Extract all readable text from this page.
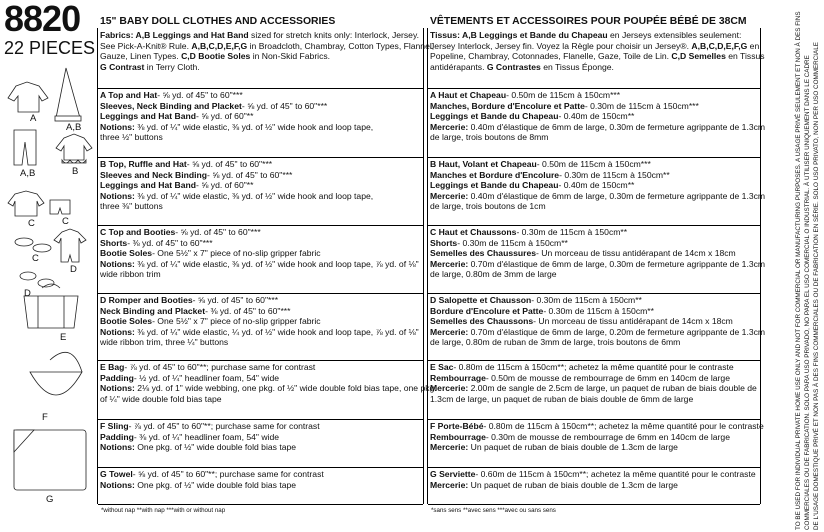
8820
22 PIECES
A
A,B
A,B	B
C	C
C
D
D
E
F
G
15" BABY DOLL CLOTHES AND ACCESSORIES	VÊTEMENTS ET ACCESSOIRES POUR POUPÉE BÉBÉ DE 38CM
Fabrics: A,B Leggings and Hat Band sized for stretch knits only: Interlock, Jersey.
See Pick-A-Knit® Rule. A,B,C,D,E,F,G in Broadcloth, Chambray, Cotton Types, Flannel,
Gauze, Linen Types. C,D Bootie Soles in Non-Skid Fabrics.
G Contrast in Terry Cloth.
A Top and Hat- ⅝ yd. of 45" to 60"***
Sleeves, Neck Binding and Placket- ⅝ yd. of 45" to 60"***
Leggings and Hat Band- ⅝ yd. of 60"**
Notions: ⅜ yd. of ¼" wide elastic, ⅜ yd. of ½" wide hook and loop tape,
three ½" buttons
B Top, Ruffle and Hat- ⅝ yd. of 45" to 60"***
Sleeves and Neck Binding- ⅝ yd. of 45" to 60"***
Leggings and Hat Band- ⅝ yd. of 60"**
Notions: ⅜ yd. of ¼" wide elastic, ⅜ yd. of ½" wide hook and loop tape,
three ⅜" buttons
C Top and Booties- ⅝ yd. of 45" to 60"***
Shorts- ⅜ yd. of 45" to 60"***
Bootie Soles- One 5½" x 7" piece of no-slip gripper fabric
Notions: ⅜ yd. of ¼" wide elastic, ⅜ yd. of ½" wide hook and loop tape, ⅞ yd. of ⅛"
wide ribbon trim
D Romper and Booties- ⅝ yd. of 45" to 60"***
Neck Binding and Placket- ⅜ yd. of 45" to 60"***
Bootie Soles- One 5½" x 7" piece of no-slip gripper fabric
Notions: ⅜ yd. of ¼" wide elastic, ¼ yd. of ½" wide hook and loop tape, ⅞ yd. of ⅛"
wide ribbon trim, three ¼" buttons
E Bag- ⅞ yd. of 45" to 60"**; purchase same for contrast
Padding- ½ yd. of ¼" headliner foam, 54" wide
Notions: 2⅛ yd. of 1" wide webbing, one pkg. of ½" wide double fold bias tape, one pkg.
of ¼" wide double fold bias tape
F Sling- ⅞ yd. of 45" to 60"**; purchase same for contrast
Padding- ⅜ yd. of ¼" headliner foam, 54" wide
Notions: One pkg. of ½" wide double fold bias tape
G Towel- ⅝ yd. of 45" to 60"**; purchase same for contrast
Notions: One pkg. of ½" wide double fold bias tape
Tissus: A,B Leggings et Bande du Chapeau en Jerseys extensibles seulement:
Jersey Interlock, Jersey fin. Voyez la Règle pour choisir un Jersey®. A,B,C,D,E,F,G en
Popeline, Chambray, Cotonnades, Flanelle, Gaze, Toile de Lin. C,D Semelles en Tissus
antidérapants. G Contrastes en Tissus Éponge.
A Haut et Chapeau- 0.50m de 115cm à 150cm***
Manches, Bordure d'Encolure et Patte- 0.30m de 115cm à 150cm***
Leggings et Bande du Chapeau- 0.40m de 150cm**
Mercerie: 0.40m d'élastique de 6mm de large, 0.30m de fermeture agrippante de 1.3cm
de large, trois boutons de 8mm
B Haut, Volant et Chapeau- 0.50m de 115cm à 150cm***
Manches et Bordure d'Encolure- 0.30m de 115cm à 150cm**
Leggings et Bande du Chapeau- 0.40m de 150cm**
Mercerie: 0.40m d'élastique de 6mm de large, 0.30m de fermeture agrippante de 1.3cm
de large, trois boutons de 1cm
C Haut et Chaussons- 0.30m de 115cm à 150cm**
Shorts- 0.30m de 115cm à 150cm**
Semelles des Chaussures- Un morceau de tissu antidérapant de 14cm x 18cm
Mercerie: 0.70m d'élastique de 6mm de large, 0.30m de fermeture agrippante de 1.3cm
de large, 0.80m de 3mm de large
D Salopette et Chausson- 0.30m de 115cm à 150cm**
Bordure d'Encolure et Patte- 0.30m de 115cm à 150cm**
Semelles des Chaussons- Un morceau de tissu antidérapant de 14cm x 18cm
Mercerie: 0.70m d'élastique de 6mm de large, 0.20m de fermeture agrippante de 1.3cm
de large, 0.80m de ruban de 3mm de large, trois boutons de 6mm
E Sac- 0.80m de 115cm à 150cm**; achetez la même quantité pour le contraste
Rembourrage- 0.50m de mousse de rembourrage de 6mm en 140cm de large
Mercerie: 2.00m de sangle de 2.5cm de large, un paquet de ruban de biais double de
1.3cm de large, un paquet de ruban de biais double de 6mm de large
F Porte-Bébé- 0.80m de 115cm à 150cm**; achetez la même quantité pour le contraste
Rembourrage- 0.30m de mousse de rembourrage de 6mm en 140cm de large
Mercerie: Un paquet de ruban de biais double de 1.3cm de large
G Serviette- 0.60m de 115cm à 150cm**; achetez la même quantité pour le contraste
Mercerie: Un paquet de ruban de biais double de 1.3cm de large
*without nap **with nap ***with or without nap	*sans sens **avec sens ***avec ou sans sens	TO BE USED FOR INDIVIDUAL PRIVATE HOME USE ONLY AND NOT FOR COMMERCIAL OR MANUFACTURING PURPOSES. A USAGE PRIVÉ SEULEMENT ET NON À DES FINS COMMERCIALES OU DE FABRICATION. SOLO PARA USO PRIVADO, NO PARA EL USO COMERCIAL O INDUSTRIAL. À UTILISER UNIQUEMENT DANS LE CADRE DE L'USAGE DOMESTIQUE PRIVÉ ET NON PAS À DES FINS COMMERCIALES OU DE FABRICATION EN SÉRIE. SOLO USO PRIVATO, NON PER USO COMMERCIALE
